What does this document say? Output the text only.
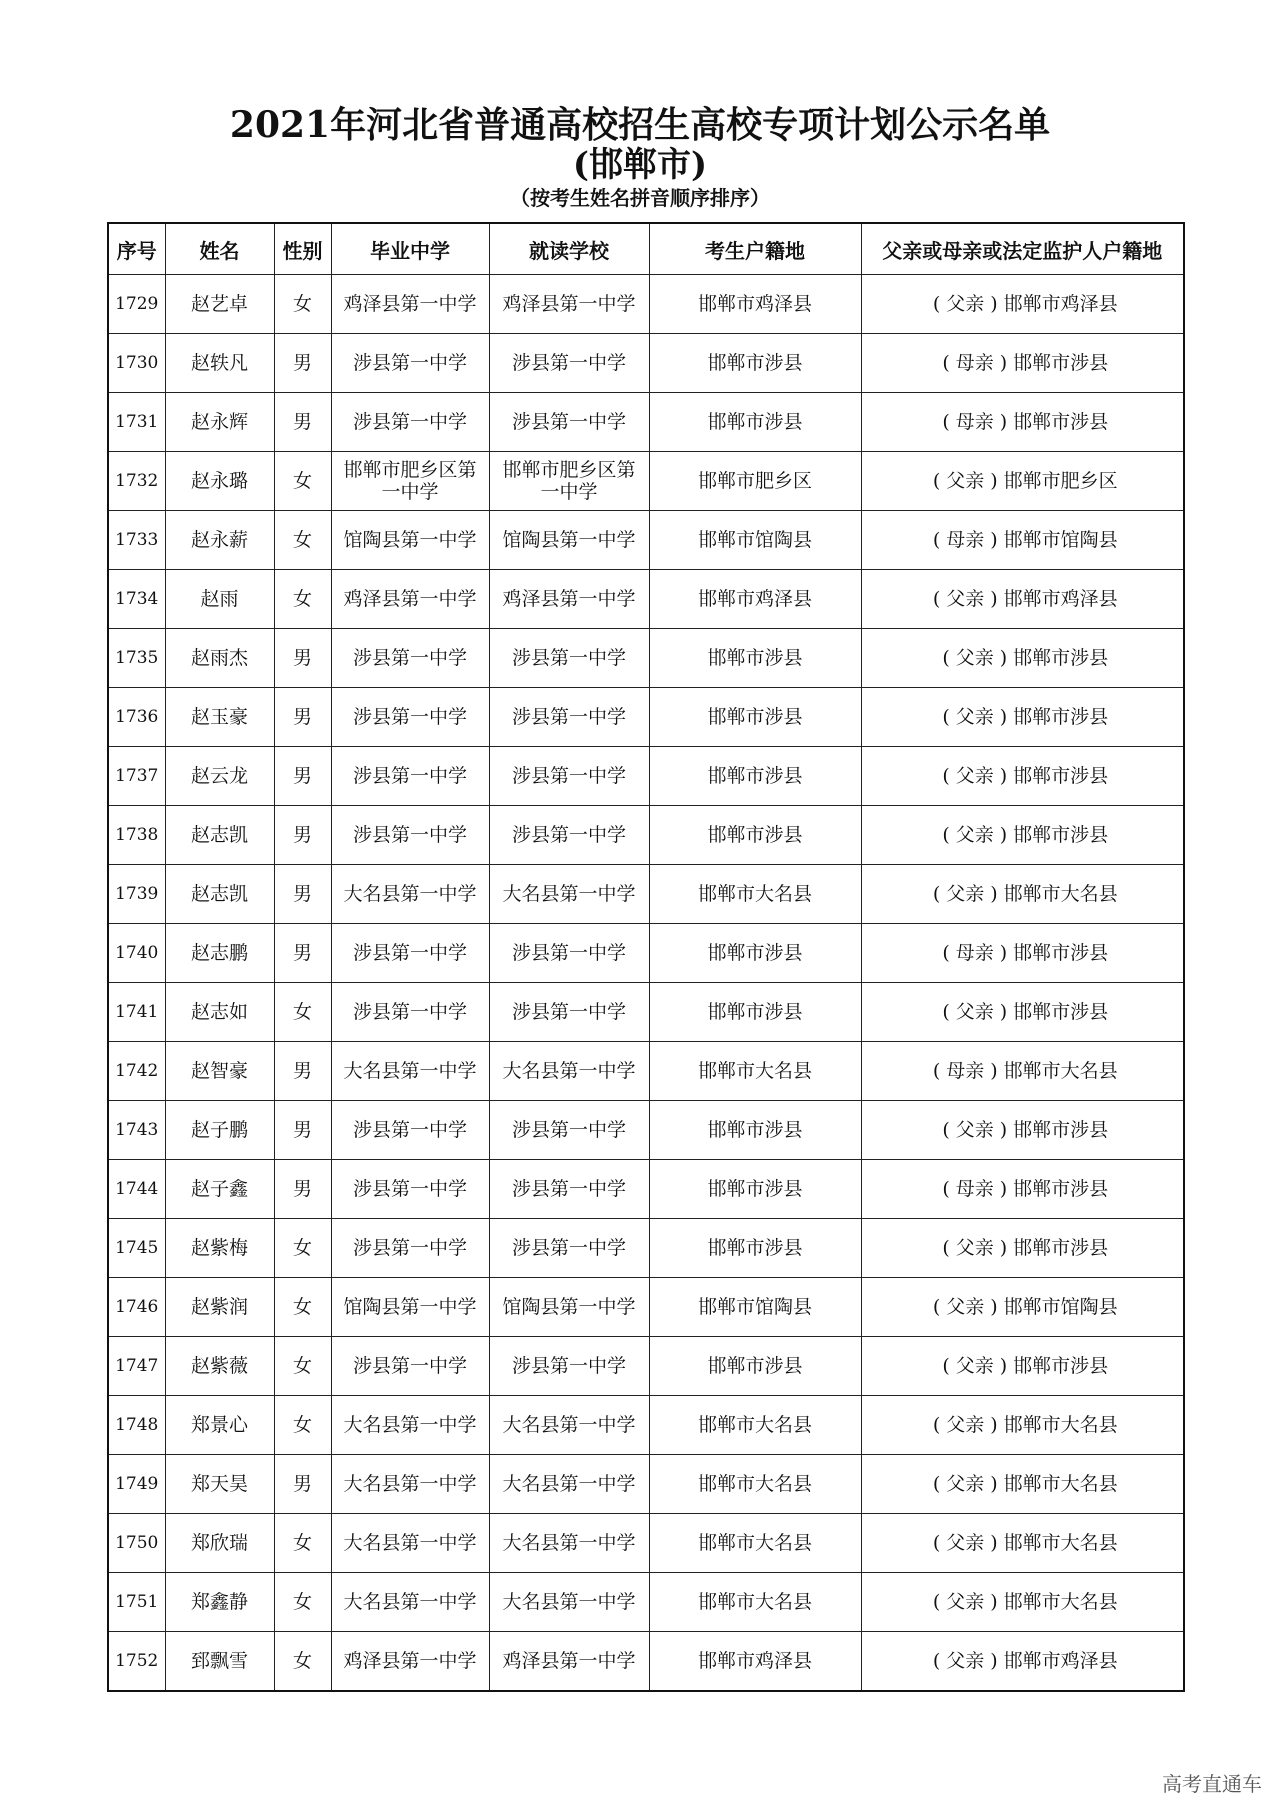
2021年河北省普通高校招生高校专项计划公示名单
(邯郸市)
（按考生姓名拼音顺序排序）
序号	姓名	性别	毕业中学	就读学校	考生户籍地	父亲或母亲或法定监护人户籍地
1729	赵艺卓	女	鸡泽县第一中学	鸡泽县第一中学	邯郸市鸡泽县	( 父亲 ) 邯郸市鸡泽县
1730	赵轶凡	男	涉县第一中学	涉县第一中学	邯郸市涉县	( 母亲 ) 邯郸市涉县
1731	赵永辉	男	涉县第一中学	涉县第一中学	邯郸市涉县	( 母亲 ) 邯郸市涉县
1732	赵永璐	女	邯郸市肥乡区第一中学	邯郸市肥乡区第一中学	邯郸市肥乡区	( 父亲 ) 邯郸市肥乡区
1733	赵永薪	女	馆陶县第一中学	馆陶县第一中学	邯郸市馆陶县	( 母亲 ) 邯郸市馆陶县
1734	赵雨	女	鸡泽县第一中学	鸡泽县第一中学	邯郸市鸡泽县	( 父亲 ) 邯郸市鸡泽县
1735	赵雨杰	男	涉县第一中学	涉县第一中学	邯郸市涉县	( 父亲 ) 邯郸市涉县
1736	赵玉豪	男	涉县第一中学	涉县第一中学	邯郸市涉县	( 父亲 ) 邯郸市涉县
1737	赵云龙	男	涉县第一中学	涉县第一中学	邯郸市涉县	( 父亲 ) 邯郸市涉县
1738	赵志凯	男	涉县第一中学	涉县第一中学	邯郸市涉县	( 父亲 ) 邯郸市涉县
1739	赵志凯	男	大名县第一中学	大名县第一中学	邯郸市大名县	( 父亲 ) 邯郸市大名县
1740	赵志鹏	男	涉县第一中学	涉县第一中学	邯郸市涉县	( 母亲 ) 邯郸市涉县
1741	赵志如	女	涉县第一中学	涉县第一中学	邯郸市涉县	( 父亲 ) 邯郸市涉县
1742	赵智豪	男	大名县第一中学	大名县第一中学	邯郸市大名县	( 母亲 ) 邯郸市大名县
1743	赵子鹏	男	涉县第一中学	涉县第一中学	邯郸市涉县	( 父亲 ) 邯郸市涉县
1744	赵子鑫	男	涉县第一中学	涉县第一中学	邯郸市涉县	( 母亲 ) 邯郸市涉县
1745	赵紫梅	女	涉县第一中学	涉县第一中学	邯郸市涉县	( 父亲 ) 邯郸市涉县
1746	赵紫润	女	馆陶县第一中学	馆陶县第一中学	邯郸市馆陶县	( 父亲 ) 邯郸市馆陶县
1747	赵紫薇	女	涉县第一中学	涉县第一中学	邯郸市涉县	( 父亲 ) 邯郸市涉县
1748	郑景心	女	大名县第一中学	大名县第一中学	邯郸市大名县	( 父亲 ) 邯郸市大名县
1749	郑天昊	男	大名县第一中学	大名县第一中学	邯郸市大名县	( 父亲 ) 邯郸市大名县
1750	郑欣瑞	女	大名县第一中学	大名县第一中学	邯郸市大名县	( 父亲 ) 邯郸市大名县
1751	郑鑫静	女	大名县第一中学	大名县第一中学	邯郸市大名县	( 父亲 ) 邯郸市大名县
1752	郅飘雪	女	鸡泽县第一中学	鸡泽县第一中学	邯郸市鸡泽县	( 父亲 ) 邯郸市鸡泽县
高考直通车
